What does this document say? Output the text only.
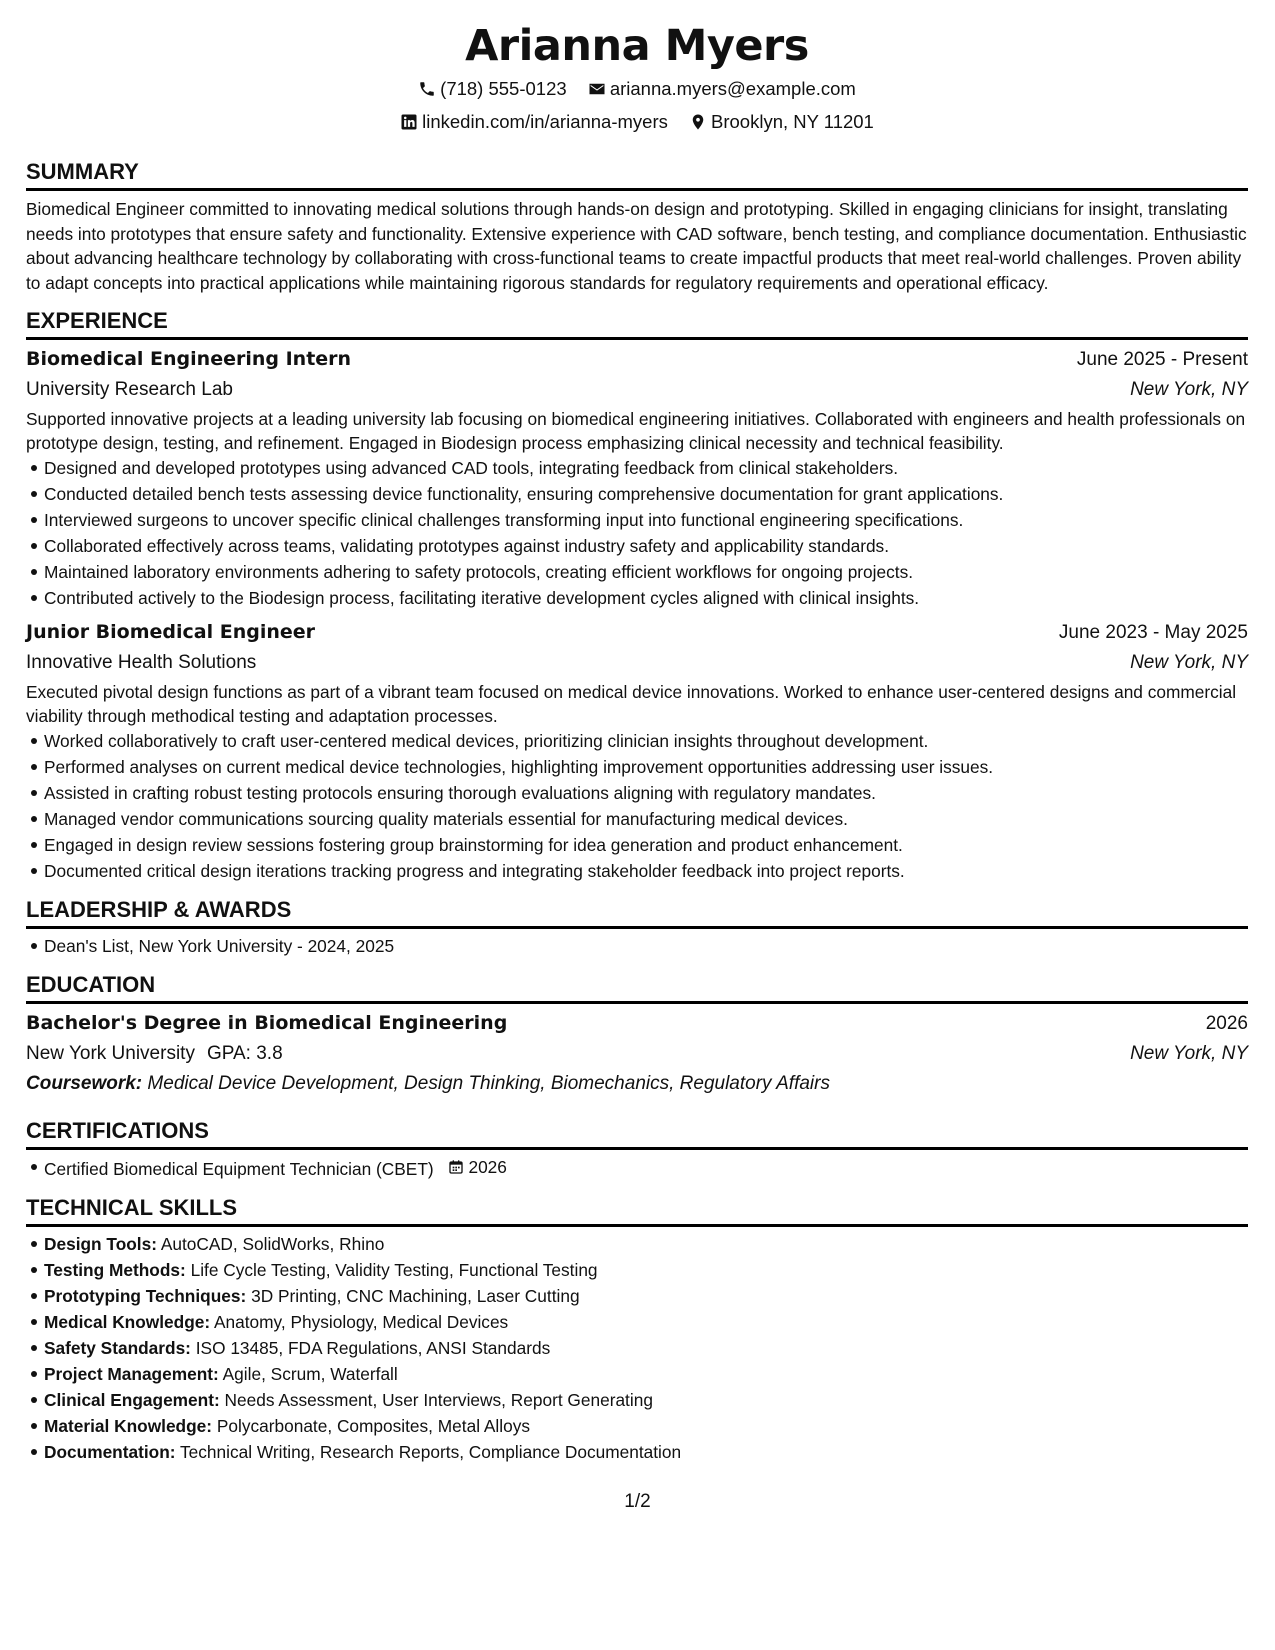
Arianna Myers
(718) 555-0123
arianna.myers@example.com
linkedin.com/in/arianna-myers
Brooklyn, NY 11201
SUMMARY

Biomedical Engineer committed to innovating medical solutions through hands-on design and prototyping. Skilled in engaging clinicians for insight, translating needs into prototypes that ensure safety and functionality. Extensive experience with CAD software, bench testing, and compliance documentation. Enthusiastic about advancing healthcare technology by collaborating with cross-functional teams to create impactful products that meet real-world challenges. Proven ability to adapt concepts into practical applications while maintaining rigorous standards for regulatory requirements and operational efficacy.

EXPERIENCE
Biomedical Engineering Intern	June 2025 - Present
University Research Lab	New York, NY

Supported innovative projects at a leading university lab focusing on biomedical engineering initiatives. Collaborated with engineers and health professionals on prototype design, testing, and refinement. Engaged in Biodesign process emphasizing clinical necessity and technical feasibility.

Designed and developed prototypes using advanced CAD tools, integrating feedback from clinical stakeholders.
Conducted detailed bench tests assessing device functionality, ensuring comprehensive documentation for grant applications.
Interviewed surgeons to uncover specific clinical challenges transforming input into functional engineering specifications.
Collaborated effectively across teams, validating prototypes against industry safety and applicability standards.
Maintained laboratory environments adhering to safety protocols, creating efficient workflows for ongoing projects.
Contributed actively to the Biodesign process, facilitating iterative development cycles aligned with clinical insights.
Junior Biomedical Engineer	June 2023 - May 2025
Innovative Health Solutions	New York, NY

Executed pivotal design functions as part of a vibrant team focused on medical device innovations. Worked to enhance user-centered designs and commercial viability through methodical testing and adaptation processes.

Worked collaboratively to craft user-centered medical devices, prioritizing clinician insights throughout development.
Performed analyses on current medical device technologies, highlighting improvement opportunities addressing user issues.
Assisted in crafting robust testing protocols ensuring thorough evaluations aligning with regulatory mandates.
Managed vendor communications sourcing quality materials essential for manufacturing medical devices.
Engaged in design review sessions fostering group brainstorming for idea generation and product enhancement.
Documented critical design iterations tracking progress and integrating stakeholder feedback into project reports.
LEADERSHIP & AWARDS
Dean's List, New York University - 2024, 2025
EDUCATION
Bachelor's Degree in Biomedical Engineering	2026
New York University GPA: 3.8	New York, NY
Coursework: Medical Device Development, Design Thinking, Biomechanics, Regulatory Affairs
CERTIFICATIONS
Certified Biomedical Equipment Technician (CBET) 2026
TECHNICAL SKILLS
Design Tools: AutoCAD, SolidWorks, Rhino
Testing Methods: Life Cycle Testing, Validity Testing, Functional Testing
Prototyping Techniques: 3D Printing, CNC Machining, Laser Cutting
Medical Knowledge: Anatomy, Physiology, Medical Devices
Safety Standards: ISO 13485, FDA Regulations, ANSI Standards
Project Management: Agile, Scrum, Waterfall
Clinical Engagement: Needs Assessment, User Interviews, Report Generating
Material Knowledge: Polycarbonate, Composites, Metal Alloys
Documentation: Technical Writing, Research Reports, Compliance Documentation
1/2
